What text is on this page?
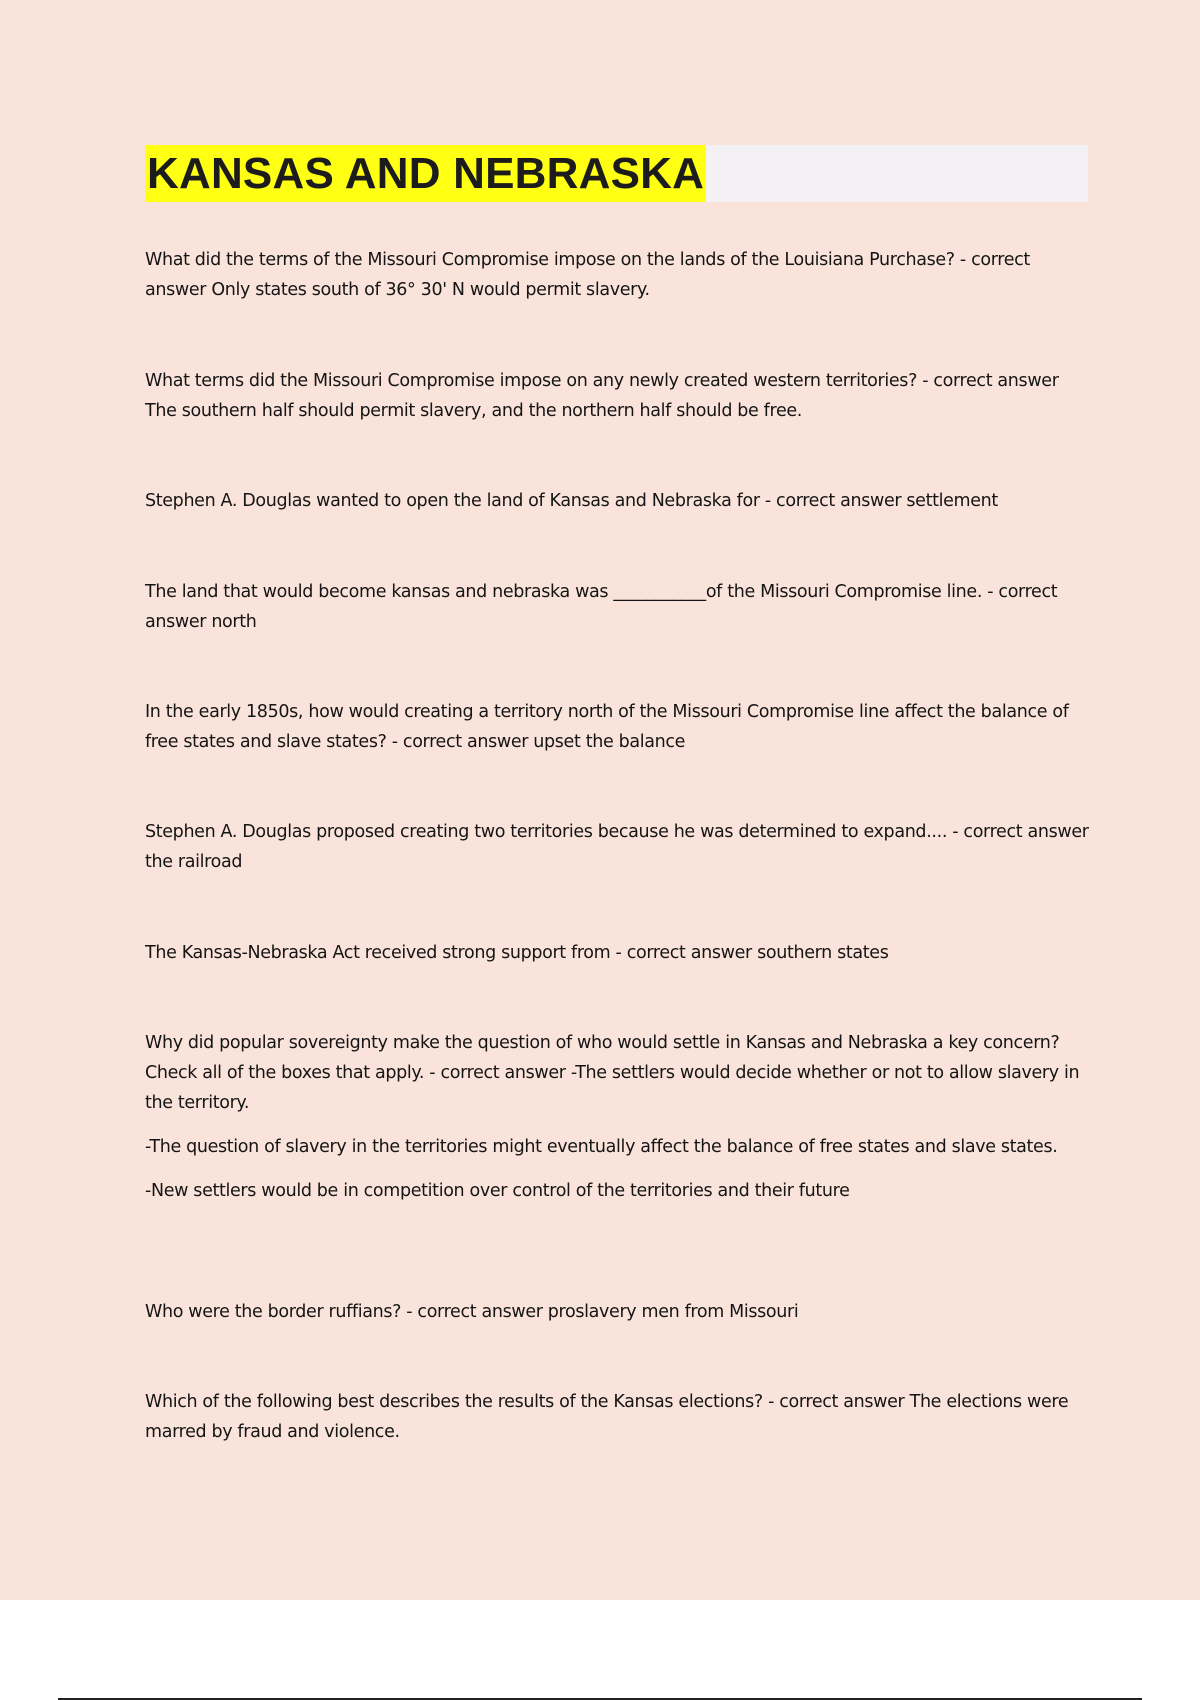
KANSAS AND NEBRASKA

What did the terms of the Missouri Compromise impose on the lands of the Louisiana Purchase? - correct answer Only states south of 36° 30' N would permit slavery.

What terms did the Missouri Compromise impose on any newly created western territories? - correct answer The southern half should permit slavery, and the northern half should be free.

Stephen A. Douglas wanted to open the land of Kansas and Nebraska for - correct answer settlement

The land that would become kansas and nebraska was ___________of the Missouri Compromise line. - correct answer north

In the early 1850s, how would creating a territory north of the Missouri Compromise line affect the balance of free states and slave states? - correct answer upset the balance

Stephen A. Douglas proposed creating two territories because he was determined to expand.... - correct answer the railroad

The Kansas-Nebraska Act received strong support from - correct answer southern states

Why did popular sovereignty make the question of who would settle in Kansas and Nebraska a key concern?Check all of the boxes that apply. - correct answer -The settlers would decide whether or not to allow slavery in the territory.

-The question of slavery in the territories might eventually affect the balance of free states and slave states.

-New settlers would be in competition over control of the territories and their future

Who were the border ruffians? - correct answer proslavery men from Missouri

Which of the following best describes the results of the Kansas elections? - correct answer The elections were marred by fraud and violence.
